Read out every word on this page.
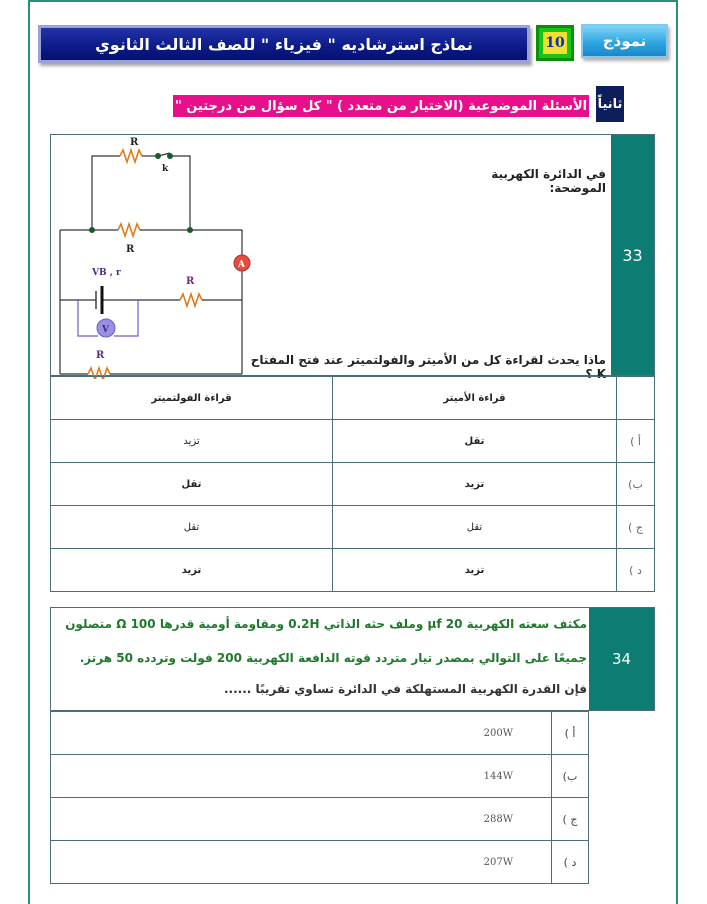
نماذج استرشاديه " فيزياء " للصف الثالث الثانوي	10	نموذج
ثانياً
الأسئلة الموضوعية (الاختيار من متعدد ) " كل سؤال من درجتين "
33
في الدائرة الكهربية الموضحة:
ماذا يحدث لقراءة كل من الأميتر والفولتميتر عند فتح المفتاح K ؟
R
k
R
VB , r
R
A
V
R
قراءة الفولتميتر	قراءة الأميتر	
تزيد	تقل	أ )
تقل	تزيد	ب)
تقل	تقل	ج )
تزيد	تزيد	د )
34
مكثف سعته الكهربية 20 μf وملف حثه الذاتي 0.2H ومقاومة أومية قدرها 100 Ω متصلون
جميعًا على التوالي بمصدر تيار متردد قوته الدافعة الكهربية 200 فولت وتردده 50 هرتز.
فإن القدرة الكهربية المستهلكة في الدائرة تساوي تقريبًا ......
200W	أ )
144W	ب)
288W	ج )
207W	د )
